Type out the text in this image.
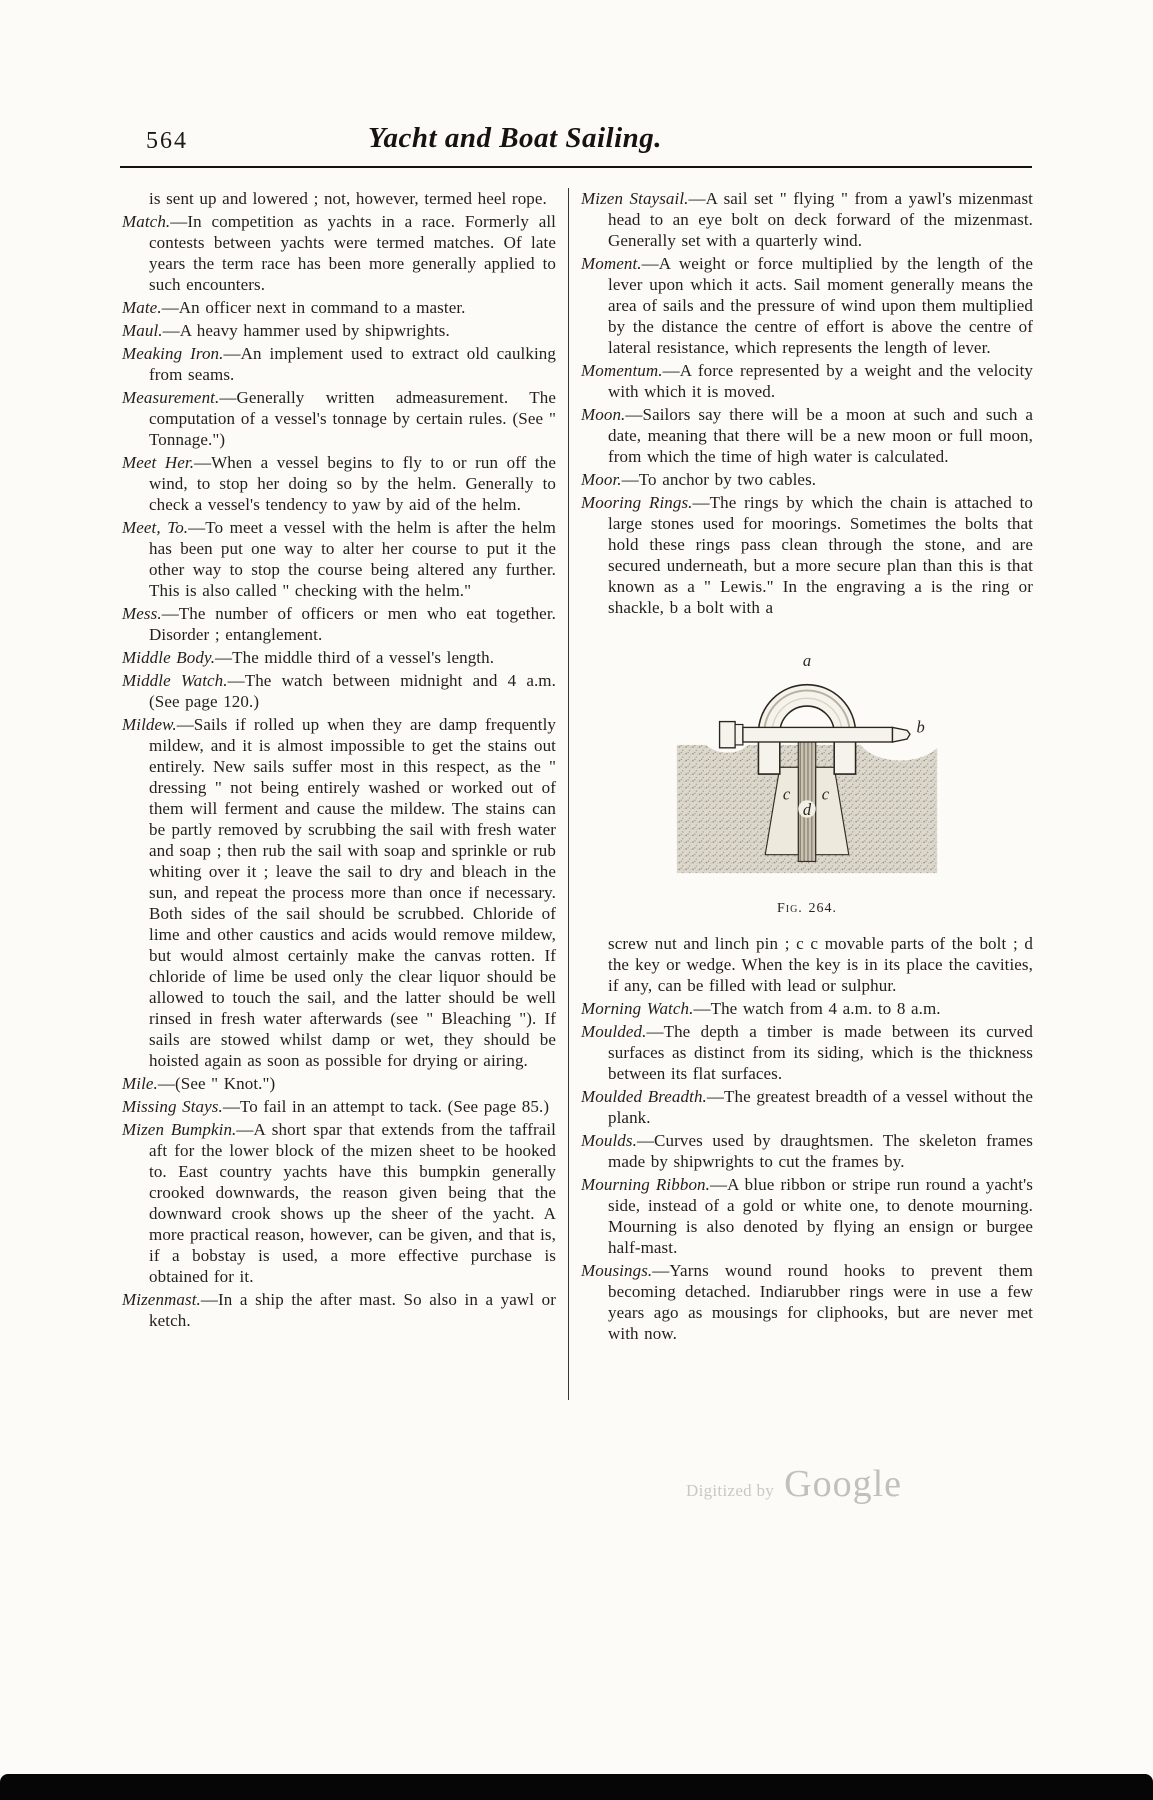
564	Yacht and Boat Sailing.

is sent up and lowered ; not, however, termed heel rope.

Match.—In competition as yachts in a race. Formerly all contests between yachts were termed matches. Of late years the term race has been more generally applied to such encounters.

Mate.—An officer next in command to a master.

Maul.—A heavy hammer used by shipwrights.

Meaking Iron.—An implement used to extract old caulking from seams.

Measurement.—Generally written admeasurement. The computation of a vessel's tonnage by certain rules. (See " Tonnage.")

Meet Her.—When a vessel begins to fly to or run off the wind, to stop her doing so by the helm. Generally to check a vessel's tendency to yaw by aid of the helm.

Meet, To.—To meet a vessel with the helm is after the helm has been put one way to alter her course to put it the other way to stop the course being altered any further. This is also called " checking with the helm."

Mess.—The number of officers or men who eat together. Disorder ; entanglement.

Middle Body.—The middle third of a vessel's length.

Middle Watch.—The watch between midnight and 4 a.m. (See page 120.)

Mildew.—Sails if rolled up when they are damp frequently mildew, and it is almost impossible to get the stains out entirely. New sails suffer most in this respect, as the " dressing " not being entirely washed or worked out of them will ferment and cause the mildew. The stains can be partly removed by scrubbing the sail with fresh water and soap ; then rub the sail with soap and sprinkle or rub whiting over it ; leave the sail to dry and bleach in the sun, and repeat the process more than once if necessary. Both sides of the sail should be scrubbed. Chloride of lime and other caustics and acids would remove mildew, but would almost certainly make the canvas rotten. If chloride of lime be used only the clear liquor should be allowed to touch the sail, and the latter should be well rinsed in fresh water afterwards (see " Bleaching "). If sails are stowed whilst damp or wet, they should be hoisted again as soon as possible for drying or airing.

Mile.—(See " Knot.")

Missing Stays.—To fail in an attempt to tack. (See page 85.)

Mizen Bumpkin.—A short spar that extends from the taffrail aft for the lower block of the mizen sheet to be hooked to. East country yachts have this bumpkin generally crooked downwards, the reason given being that the downward crook shows up the sheer of the yacht. A more practical reason, however, can be given, and that is, if a bobstay is used, a more effective purchase is obtained for it.

Mizenmast.—In a ship the after mast. So also in a yawl or ketch.

Mizen Staysail.—A sail set " flying " from a yawl's mizenmast head to an eye bolt on deck forward of the mizenmast. Generally set with a quarterly wind.

Moment.—A weight or force multiplied by the length of the lever upon which it acts. Sail moment generally means the area of sails and the pressure of wind upon them multiplied by the distance the centre of effort is above the centre of lateral resistance, which represents the length of lever.

Momentum.—A force represented by a weight and the velocity with which it is moved.

Moon.—Sailors say there will be a moon at such and such a date, meaning that there will be a new moon or full moon, from which the time of high water is calculated.

Moor.—To anchor by two cables.

Mooring Rings.—The rings by which the chain is attached to large stones used for moorings. Sometimes the bolts that hold these rings pass clean through the stone, and are secured underneath, but a more secure plan than this is that known as a " Lewis." In the engraving a is the ring or shackle, b a bolt with a

a
b
c c
d
Fig. 264.

screw nut and linch pin ; c c movable parts of the bolt ; d the key or wedge. When the key is in its place the cavities, if any, can be filled with lead or sulphur.

Morning Watch.—The watch from 4 a.m. to 8 a.m.

Moulded.—The depth a timber is made between its curved surfaces as distinct from its siding, which is the thickness between its flat surfaces.

Moulded Breadth.—The greatest breadth of a vessel without the plank.

Moulds.—Curves used by draughtsmen. The skeleton frames made by shipwrights to cut the frames by.

Mourning Ribbon.—A blue ribbon or stripe run round a yacht's side, instead of a gold or white one, to denote mourning. Mourning is also denoted by flying an ensign or burgee half-mast.

Mousings.—Yarns wound round hooks to prevent them becoming detached. Indiarubber rings were in use a few years ago as mousings for cliphooks, but are never met with now.

Digitized by Google
